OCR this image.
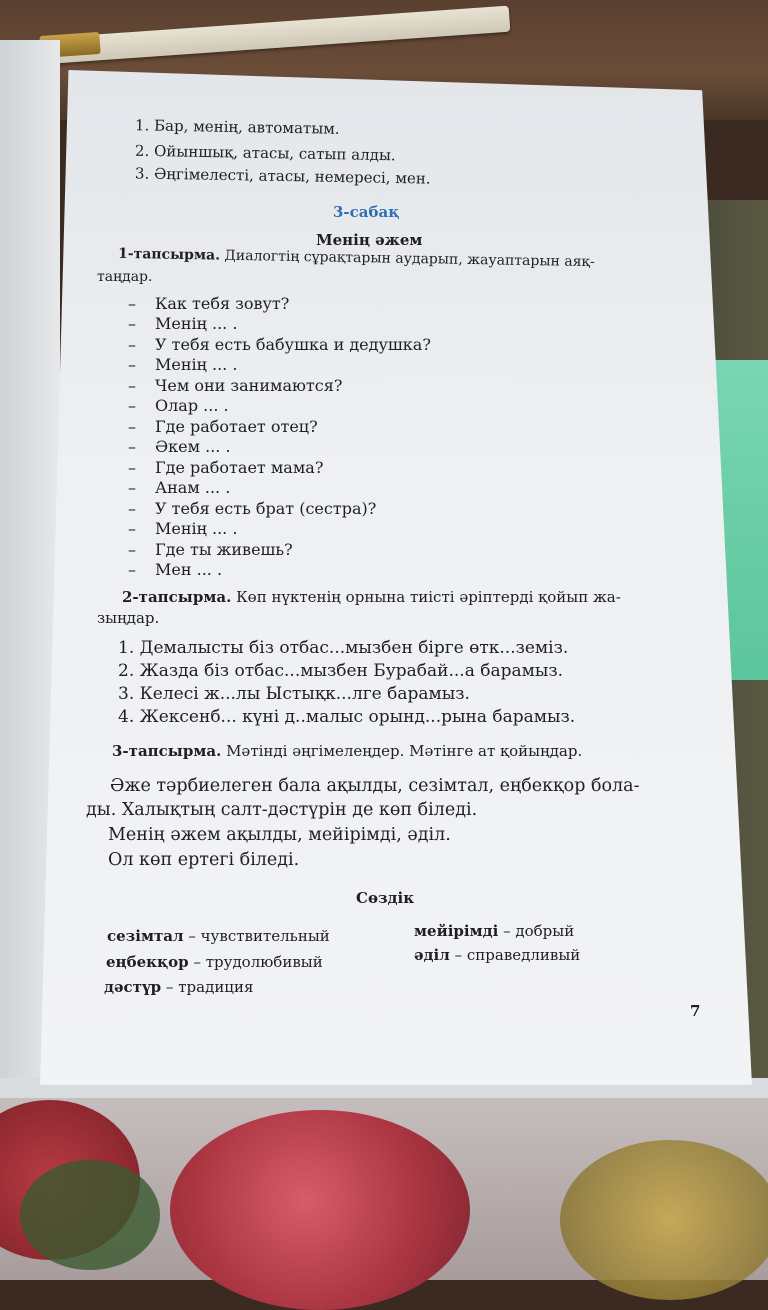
1. Бар, менің, автоматым.
2. Ойыншық, атасы, сатып алды.
3. Әңгімелесті, атасы, немересі, мен.
3-сабақ
Менің әжем
1-тапсырма. Диалогтің сұрақтарын аударып, жауаптарын аяқ-
таңдар.
– Как тебя зовут?
– Менің ... .
– У тебя есть бабушка и дедушка?
– Менің ... .
– Чем они занимаются?
– Олар ... .
– Где работает отец?
– Әкем ... .
– Где работает мама?
– Анам ... .
– У тебя есть брат (сестра)?
– Менің ... .
– Где ты живешь?
– Мен ... .
2-тапсырма. Көп нүктенің орнына тиісті әріптерді қойып жа-
зыңдар.
1. Демалысты біз отбас...мызбен бірге өтк...земіз.
2. Жазда біз отбас...мызбен Бурабай...а барамыз.
3. Келесі ж...лы Ыстықк...лге барамыз.
4. Жексенб... күні д..малыс орынд...рына барамыз.
3-тапсырма. Мәтінді әңгімелеңдер. Мәтінге ат қойыңдар.
Әже тәрбиелеген бала ақылды, сезімтал, еңбекқор бола-
ды. Халықтың салт-дәстүрін де көп біледі.
Менің әжем ақылды, мейірімді, әділ.
Ол көп ертегі біледі.
Сөздік
сезімтал – чувствительный
еңбекқор – трудолюбивый
дәстүр – традиция
мейірімді – добрый
әділ – справедливый
7
